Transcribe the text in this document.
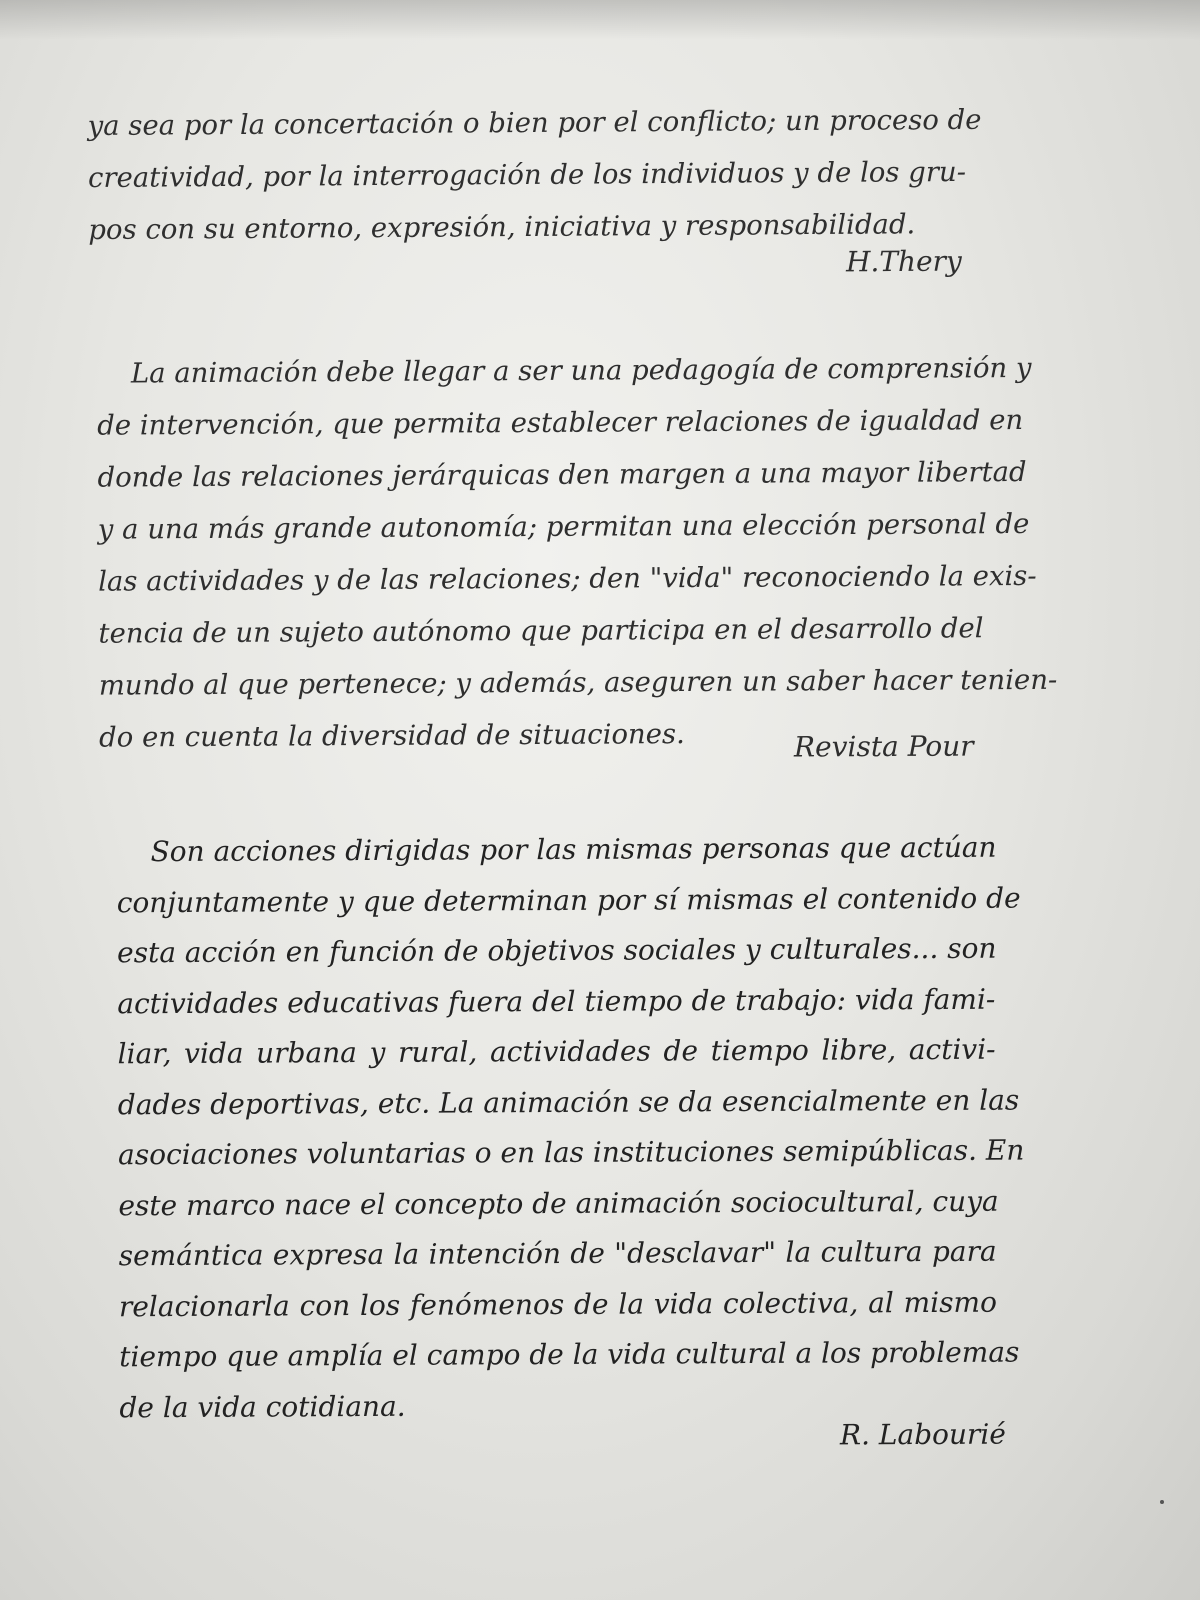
ya sea por la concertación o bien por el conflicto; un proceso de
creatividad, por la interrogación de los individuos y de los gru-
pos con su entorno, expresión, iniciativa y responsabilidad.
H.Thery
La animación debe llegar a ser una pedagogía de comprensión y
de intervención, que permita establecer relaciones de igualdad en
donde las relaciones jerárquicas den margen a una mayor libertad
y a una más grande autonomía; permitan una elección personal de
las actividades y de las relaciones; den "vida" reconociendo la exis-
tencia de un sujeto autónomo que participa en el desarrollo del
mundo al que pertenece; y además, aseguren un saber hacer tenien-
do en cuenta la diversidad de situaciones.	Revista Pour
Son acciones dirigidas por las mismas personas que actúan
conjuntamente y que determinan por sí mismas el contenido de
esta acción en función de objetivos sociales y culturales... son
actividades educativas fuera del tiempo de trabajo: vida fami-
liar, vida urbana y rural, actividades de tiempo libre, activi-
dades deportivas, etc. La animación se da esencialmente en las
asociaciones voluntarias o en las instituciones semipúblicas. En
este marco nace el concepto de animación sociocultural, cuya
semántica expresa la intención de "desclavar" la cultura para
relacionarla con los fenómenos de la vida colectiva, al mismo
tiempo que amplía el campo de la vida cultural a los problemas
de la vida cotidiana.
R. Labourié
